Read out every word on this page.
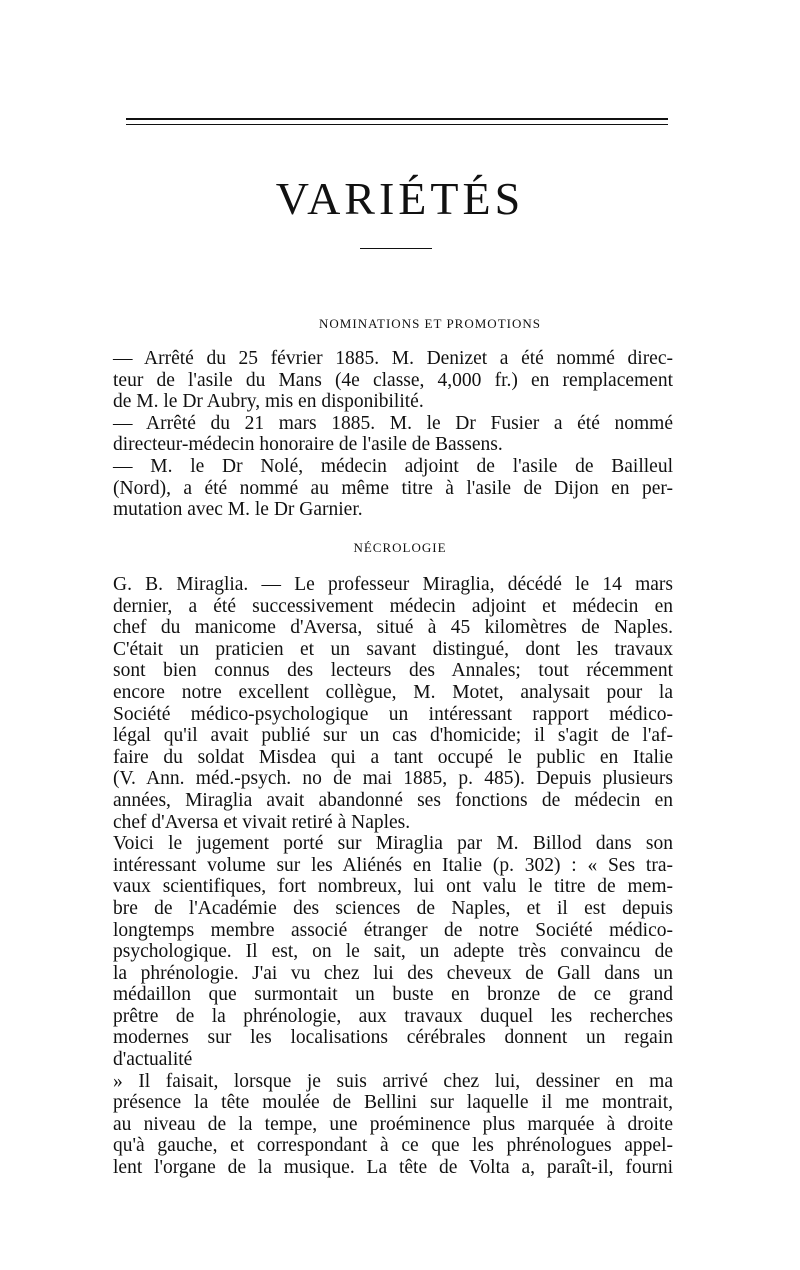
VARIÉTÉS
NOMINATIONS ET PROMOTIONS
— Arrêté du 25 février 1885. M. Denizet a été nommé direc-
teur de l'asile du Mans (4e classe, 4,000 fr.) en remplacement
de M. le Dr Aubry, mis en disponibilité.
— Arrêté du 21 mars 1885. M. le Dr Fusier a été nommé
directeur-médecin honoraire de l'asile de Bassens.
— M. le Dr Nolé, médecin adjoint de l'asile de Bailleul
(Nord), a été nommé au même titre à l'asile de Dijon en per-
mutation avec M. le Dr Garnier.
NÉCROLOGIE
G. B. Miraglia. — Le professeur Miraglia, décédé le 14 mars
dernier, a été successivement médecin adjoint et médecin en
chef du manicome d'Aversa, situé à 45 kilomètres de Naples.
C'était un praticien et un savant distingué, dont les travaux
sont bien connus des lecteurs des Annales; tout récemment
encore notre excellent collègue, M. Motet, analysait pour la
Société médico-psychologique un intéressant rapport médico-
légal qu'il avait publié sur un cas d'homicide; il s'agit de l'af-
faire du soldat Misdea qui a tant occupé le public en Italie
(V. Ann. méd.-psych. no de mai 1885, p. 485). Depuis plusieurs
années, Miraglia avait abandonné ses fonctions de médecin en
chef d'Aversa et vivait retiré à Naples.
Voici le jugement porté sur Miraglia par M. Billod dans son
intéressant volume sur les Aliénés en Italie (p. 302) : « Ses tra-
vaux scientifiques, fort nombreux, lui ont valu le titre de mem-
bre de l'Académie des sciences de Naples, et il est depuis
longtemps membre associé étranger de notre Société médico-
psychologique. Il est, on le sait, un adepte très convaincu de
la phrénologie. J'ai vu chez lui des cheveux de Gall dans un
médaillon que surmontait un buste en bronze de ce grand
prêtre de la phrénologie, aux travaux duquel les recherches
modernes sur les localisations cérébrales donnent un regain
d'actualité
» Il faisait, lorsque je suis arrivé chez lui, dessiner en ma
présence la tête moulée de Bellini sur laquelle il me montrait,
au niveau de la tempe, une proéminence plus marquée à droite
qu'à gauche, et correspondant à ce que les phrénologues appel-
lent l'organe de la musique. La tête de Volta a, paraît-il, fourni
